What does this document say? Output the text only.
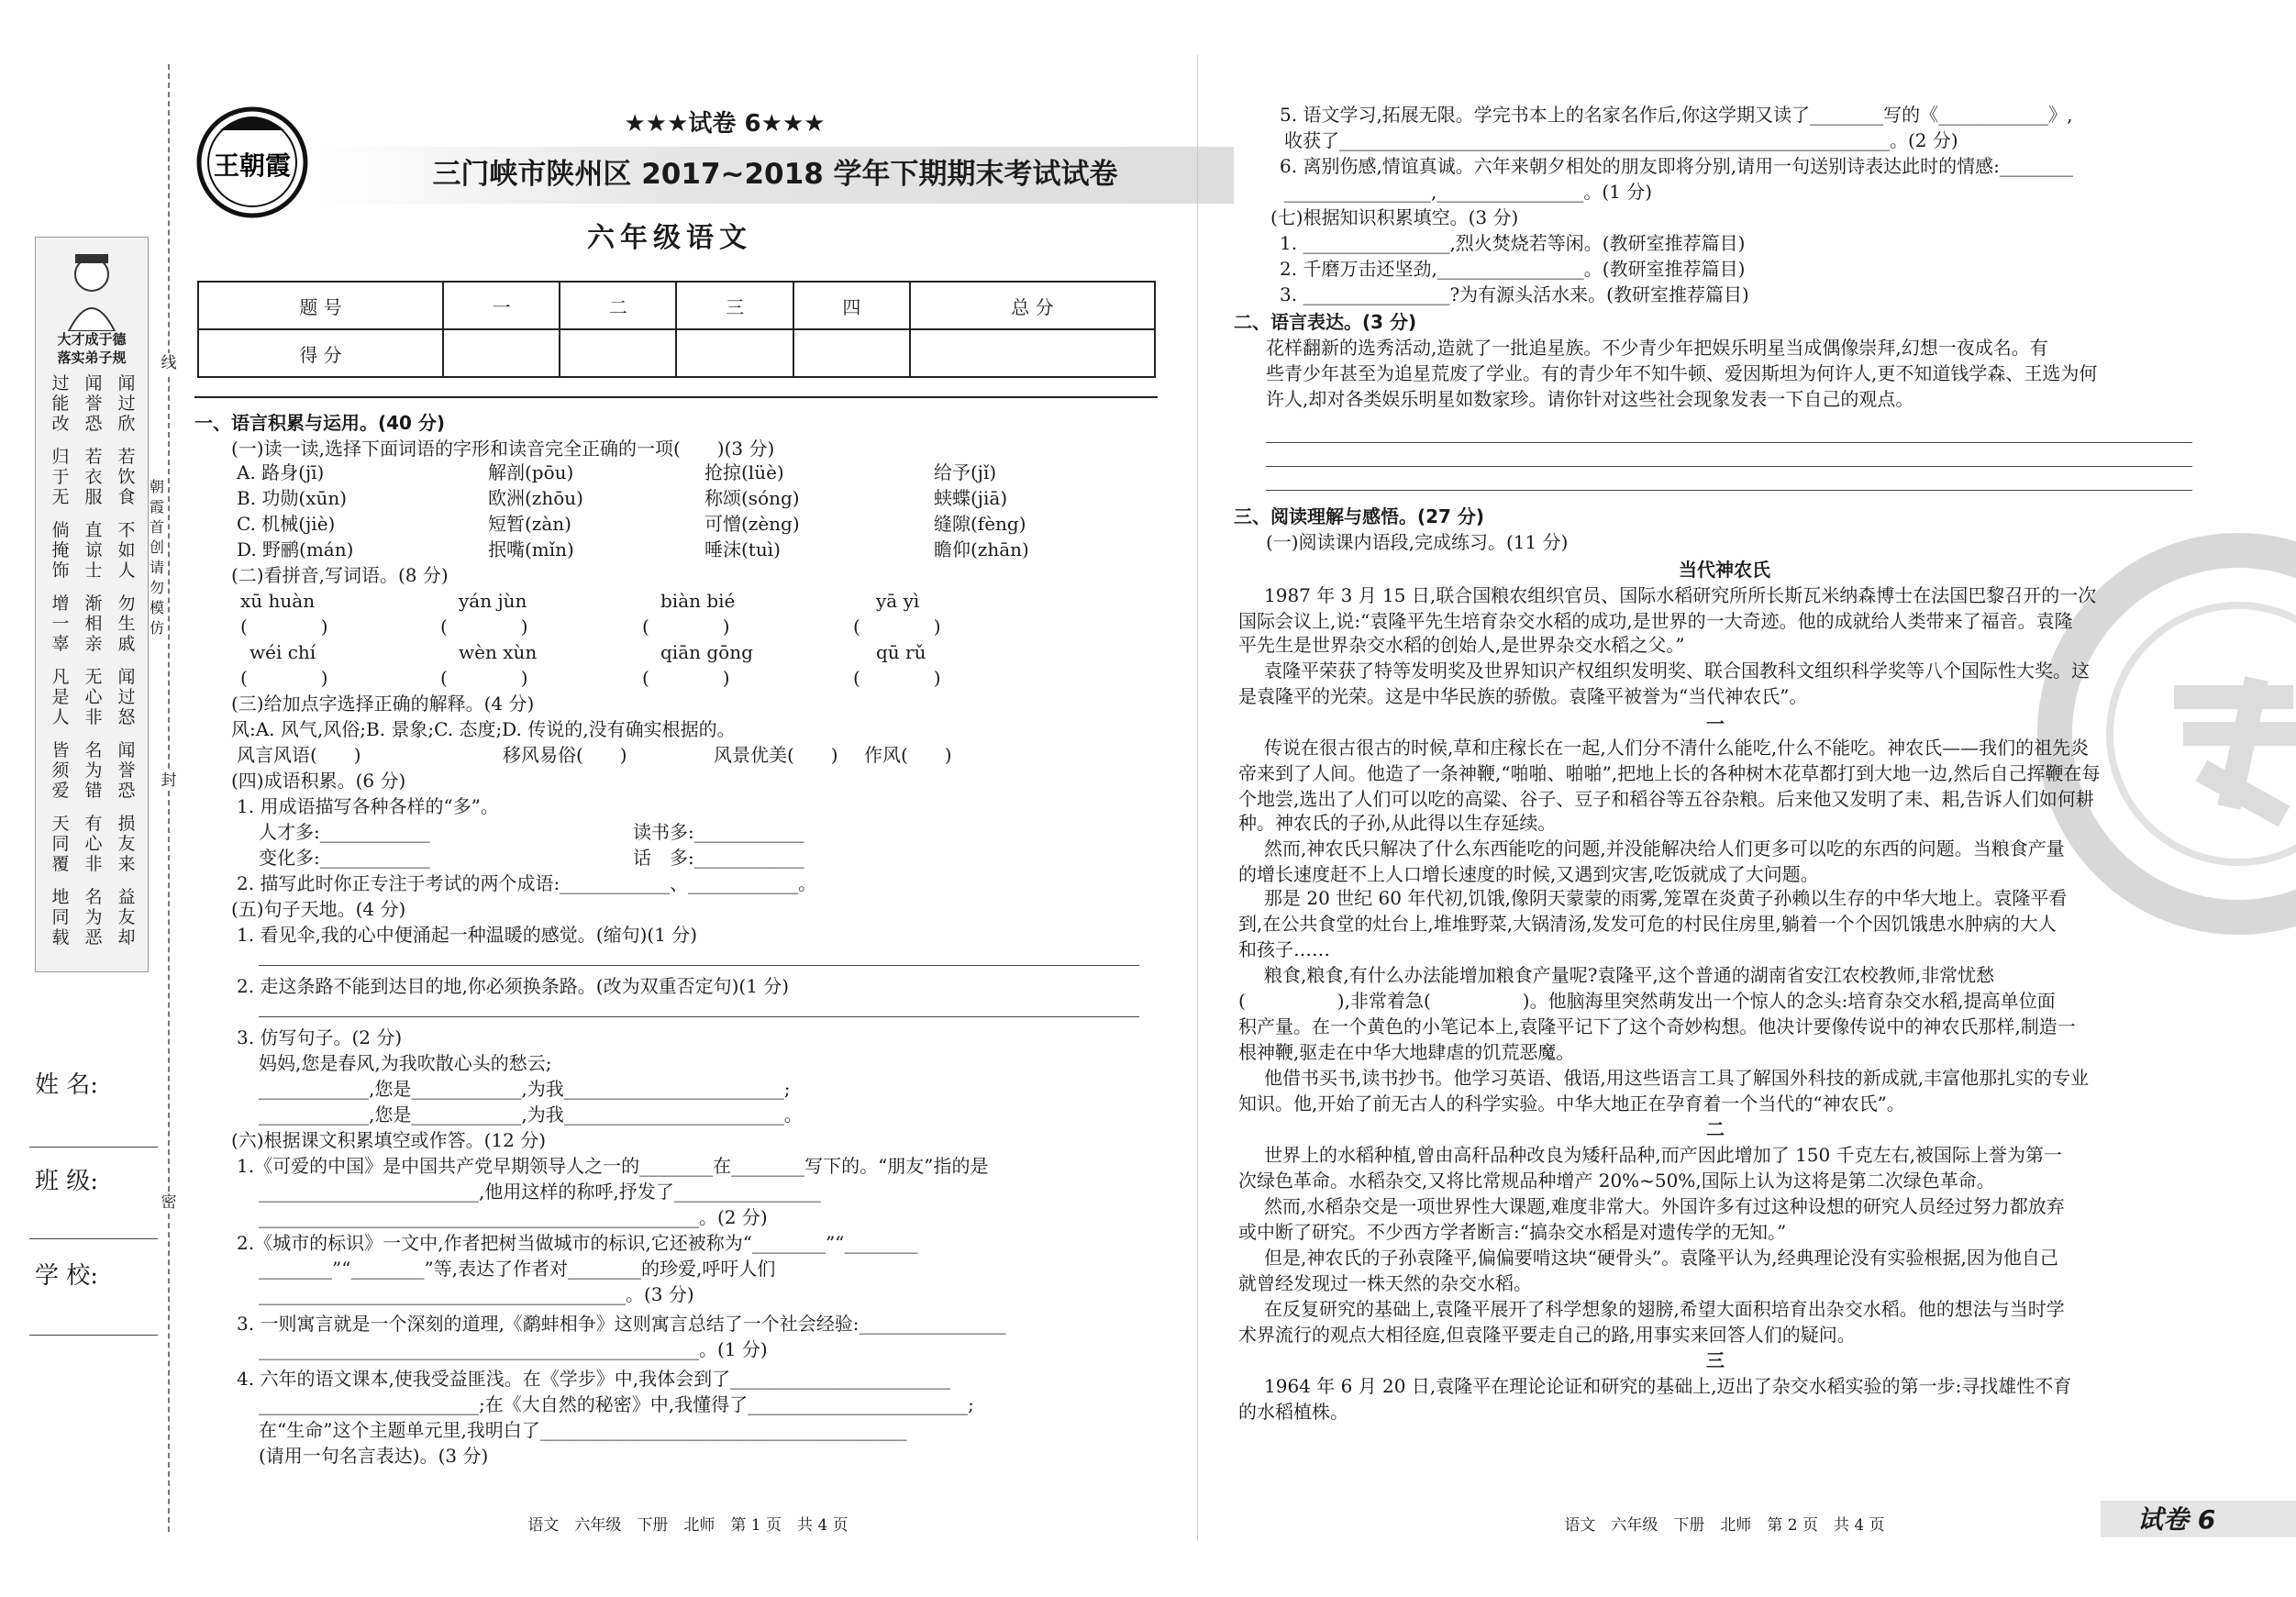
线
封
密
朝霞首创 请勿模仿
大才成于德
落实弟子规
过能改
闻誉恐
闻过欣
归于无
若衣服
若饮食
倘掩饰
直谅士
不如人
增一辜
渐相亲
勿生戚
凡是人
无心非
闻过怒
皆须爱
名为错
闻誉恐
天同覆
有心非
损友来
地同载
名为恶
益友却
姓 名:
班 级:
学 校:
王朝霞
★★★试卷 6★★★
三门峡市陕州区 2017~2018 学年下期期末考试试卷
六年级语文
题 号	一	二	三	四	总 分
得 分					
一、语言积累与运用。(40 分)
(一)读一读,选择下面词语的字形和读音完全正确的一项(　　)(3 分)
A. 路身(jī)	解剖(pōu)	抢掠(lüè)	给予(jǐ)
B. 功勋(xūn)	欧洲(zhōu)	称颂(sóng)	蛱蝶(jiā)
C. 机械(jiè)	短暂(zàn)	可憎(zèng)	缝隙(fèng)
D. 野鹂(mán)	抿嘴(mǐn)	唾沫(tuì)	瞻仰(zhān)
(二)看拼音,写词语。(8 分)
xū huàn	yán jùn	biàn bié	yā yì
(　　　　)	(　　　　)	(　　　　)	(　　　　)
wéi chí	wèn xùn	qiān gōng	qū rǔ
(　　　　)	(　　　　)	(　　　　)	(　　　　)
(三)给加点字选择正确的解释。(4 分)
风:A. 风气,风俗;B. 景象;C. 态度;D. 传说的,没有确实根据的。
风言风语(　　)	移风易俗(　　)	风景优美(　　) 作风(　　)
(四)成语积累。(6 分)
1. 用成语描写各种各样的“多”。
人才多:____________	读书多:____________
变化多:____________	话　多:____________
2. 描写此时你正专注于考试的两个成语:____________、____________。
(五)句子天地。(4 分)
1. 看见伞,我的心中便涌起一种温暖的感觉。(缩句)(1 分)
2. 走这条路不能到达目的地,你必须换条路。(改为双重否定句)(1 分)
3. 仿写句子。(2 分)
妈妈,您是春风,为我吹散心头的愁云;
____________,您是____________,为我________________________;
____________,您是____________,为我________________________。
(六)根据课文积累填空或作答。(12 分)
1.《可爱的中国》是中国共产党早期领导人之一的________在________写下的。“朋友”指的是
________________________,他用这样的称呼,抒发了________________
________________________________________________。(2 分)
2.《城市的标识》一文中,作者把树当做城市的标识,它还被称为“________”“________
________”“________”等,表达了作者对________的珍爱,呼吁人们
________________________________________。(3 分)
3. 一则寓言就是一个深刻的道理,《鹬蚌相争》这则寓言总结了一个社会经验:________________
________________________________________________。(1 分)
4. 六年的语文课本,使我受益匪浅。在《学步》中,我体会到了________________________
________________________;在《大自然的秘密》中,我懂得了________________________;
在“生命”这个主题单元里,我明白了________________________________________
(请用一句名言表达)。(3 分)
5. 语文学习,拓展无限。学完书本上的名家名作后,你这学期又读了________写的《____________》,
收获了____________________________________________________________。(2 分)
6. 离别伤感,情谊真诚。六年来朝夕相处的朋友即将分别,请用一句送别诗表达此时的情感:________
________________,________________。(1 分)
(七)根据知识积累填空。(3 分)
1. ________________,烈火焚烧若等闲。(教研室推荐篇目)
2. 千磨万击还坚劲,________________。(教研室推荐篇目)
3. ________________?为有源头活水来。(教研室推荐篇目)
二、语言表达。(3 分)
花样翻新的选秀活动,造就了一批追星族。不少青少年把娱乐明星当成偶像崇拜,幻想一夜成名。有
些青少年甚至为追星荒废了学业。有的青少年不知牛顿、爱因斯坦为何许人,更不知道钱学森、王选为何
许人,却对各类娱乐明星如数家珍。请你针对这些社会现象发表一下自己的观点。
三、阅读理解与感悟。(27 分)
(一)阅读课内语段,完成练习。(11 分)
当代神农氏
1987 年 3 月 15 日,联合国粮农组织官员、国际水稻研究所所长斯瓦米纳森博士在法国巴黎召开的一次
国际会议上,说:“袁隆平先生培育杂交水稻的成功,是世界的一大奇迹。他的成就给人类带来了福音。袁隆
平先生是世界杂交水稻的创始人,是世界杂交水稻之父。”
袁隆平荣获了特等发明奖及世界知识产权组织发明奖、联合国教科文组织科学奖等八个国际性大奖。这
是袁隆平的光荣。这是中华民族的骄傲。袁隆平被誉为“当代神农氏”。
一
传说在很古很古的时候,草和庄稼长在一起,人们分不清什么能吃,什么不能吃。神农氏——我们的祖先炎
帝来到了人间。他造了一条神鞭,“啪啪、啪啪”,把地上长的各种树木花草都打到大地一边,然后自己挥鞭在每
个地尝,选出了人们可以吃的高粱、谷子、豆子和稻谷等五谷杂粮。后来他又发明了耒、耜,告诉人们如何耕
种。神农氏的子孙,从此得以生存延续。
然而,神农氏只解决了什么东西能吃的问题,并没能解决给人们更多可以吃的东西的问题。当粮食产量
的增长速度赶不上人口增长速度的时候,又遇到灾害,吃饭就成了大问题。
那是 20 世纪 60 年代初,饥饿,像阴天蒙蒙的雨雾,笼罩在炎黄子孙赖以生存的中华大地上。袁隆平看
到,在公共食堂的灶台上,堆堆野菜,大锅清汤,发发可危的村民住房里,躺着一个个因饥饿患水肿病的大人
和孩子……
粮食,粮食,有什么办法能增加粮食产量呢?袁隆平,这个普通的湖南省安江农校教师,非常忧愁
(　　　　　),非常着急(　　　　　)。他脑海里突然萌发出一个惊人的念头:培育杂交水稻,提高单位面
积产量。在一个黄色的小笔记本上,袁隆平记下了这个奇妙构想。他决计要像传说中的神农氏那样,制造一
根神鞭,驱走在中华大地肆虐的饥荒恶魔。
他借书买书,读书抄书。他学习英语、俄语,用这些语言工具了解国外科技的新成就,丰富他那扎实的专业
知识。他,开始了前无古人的科学实验。中华大地正在孕育着一个当代的“神农氏”。
二
世界上的水稻种植,曾由高秆品种改良为矮秆品种,而产因此增加了 150 千克左右,被国际上誉为第一
次绿色革命。水稻杂交,又将比常规品种增产 20%~50%,国际上认为这将是第二次绿色革命。
然而,水稻杂交是一项世界性大课题,难度非常大。外国许多有过这种设想的研究人员经过努力都放弃
或中断了研究。不少西方学者断言:“搞杂交水稻是对遗传学的无知。”
但是,神农氏的子孙袁隆平,偏偏要啃这块“硬骨头”。袁隆平认为,经典理论没有实验根据,因为他自己
就曾经发现过一株天然的杂交水稻。
在反复研究的基础上,袁隆平展开了科学想象的翅膀,希望大面积培育出杂交水稻。他的想法与当时学
术界流行的观点大相径庭,但袁隆平要走自己的路,用事实来回答人们的疑问。
三
1964 年 6 月 20 日,袁隆平在理论论证和研究的基础上,迈出了杂交水稻实验的第一步:寻找雄性不育
的水稻植株。
语文　六年级　下册　北师　第 1 页　共 4 页	语文　六年级　下册　北师　第 2 页　共 4 页	试卷 6
